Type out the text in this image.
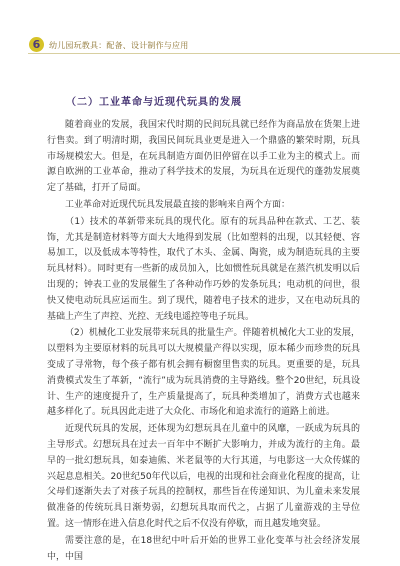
6	幼儿园玩教具：配备、设计制作与应用
（二）工业革命与近现代玩具的发展

随着商业的发展，我国宋代时期的民间玩具就已经作为商品放在货架上进行售卖。到了明清时期，我国民间玩具业更是进入一个鼎盛的繁荣时期，玩具市场规模宏大。但是，在玩具制造方面仍旧停留在以手工业为主的模式上。而源自欧洲的工业革命，推动了科学技术的发展，为玩具在近现代的蓬勃发展奠定了基础，打开了局面。

工业革命对近现代玩具发展最直接的影响来自两个方面：

（1）技术的革新带来玩具的现代化。原有的玩具品种在款式、工艺、装饰，尤其是制造材料等方面大大地得到发展（比如塑料的出现，以其轻便、容易加工，以及低成本等特性，取代了木头、金属、陶瓷，成为制造玩具的主要玩具材料）。同时更有一些新的成员加入，比如惯性玩具就是在蒸汽机发明以后出现的；钟表工业的发展催生了各种动作巧妙的发条玩具；电动机的问世，很快又使电动玩具应运而生。到了现代，随着电子技术的进步，又在电动玩具的基础上产生了声控、光控、无线电遥控等电子玩具。

（2）机械化工业发展带来玩具的批量生产。伴随着机械化大工业的发展，以塑料为主要原材料的玩具可以大规模量产得以实现，原本稀少而珍贵的玩具变成了寻常物，每个孩子都有机会拥有橱窗里售卖的玩具。更重要的是，玩具消费模式发生了革新，“流行”成为玩具消费的主导路线。整个20世纪，玩具设计、生产的速度提升了，生产质量提高了，玩具种类增加了，消费方式也越来越多样化了。玩具因此走进了大众化、市场化和追求流行的道路上前进。

近现代玩具的发展，还体现为幻想玩具在儿童中的风靡，一跃成为玩具的主导形式。幻想玩具在过去一百年中不断扩大影响力，并成为流行的主角。最早的一批幻想玩具，如泰迪熊、米老鼠等的大行其道，与电影这一大众传媒的兴起息息相关。20世纪50年代以后，电视的出现和社会商业化程度的提高，让父母们逐渐失去了对孩子玩具的控制权，那些旨在传递知识、为儿童未来发展做准备的传统玩具日渐势弱，幻想玩具取而代之，占据了儿童游戏的主导位置。这一情形在进入信息化时代之后不仅没有停歇，而且越发地突显。

需要注意的是，在18世纪中叶后开始的世界工业化变革与社会经济发展中，中国
